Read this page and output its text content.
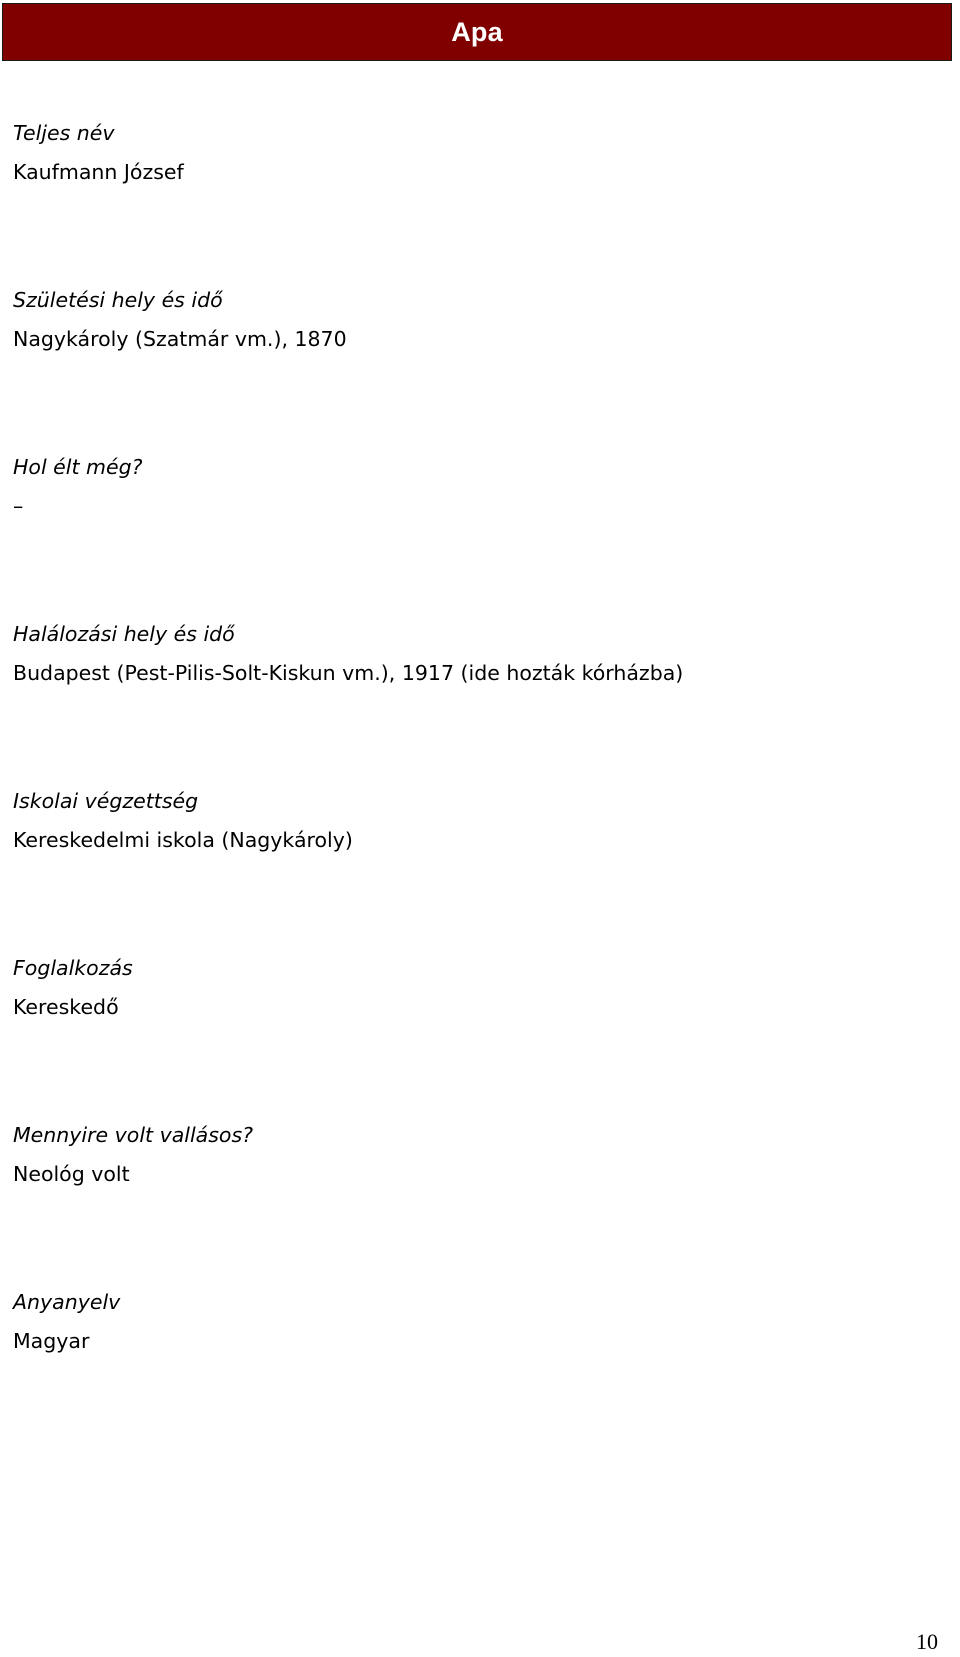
Apa
Teljes név
Kaufmann József
Születési hely és idő
Nagykároly (Szatmár vm.), 1870
Hol élt még?
–
Halálozási hely és idő
Budapest (Pest-Pilis-Solt-Kiskun vm.), 1917 (ide hozták kórházba)
Iskolai végzettség
Kereskedelmi iskola (Nagykároly)
Foglalkozás
Kereskedő
Mennyire volt vallásos?
Neológ volt
Anyanyelv
Magyar
10
